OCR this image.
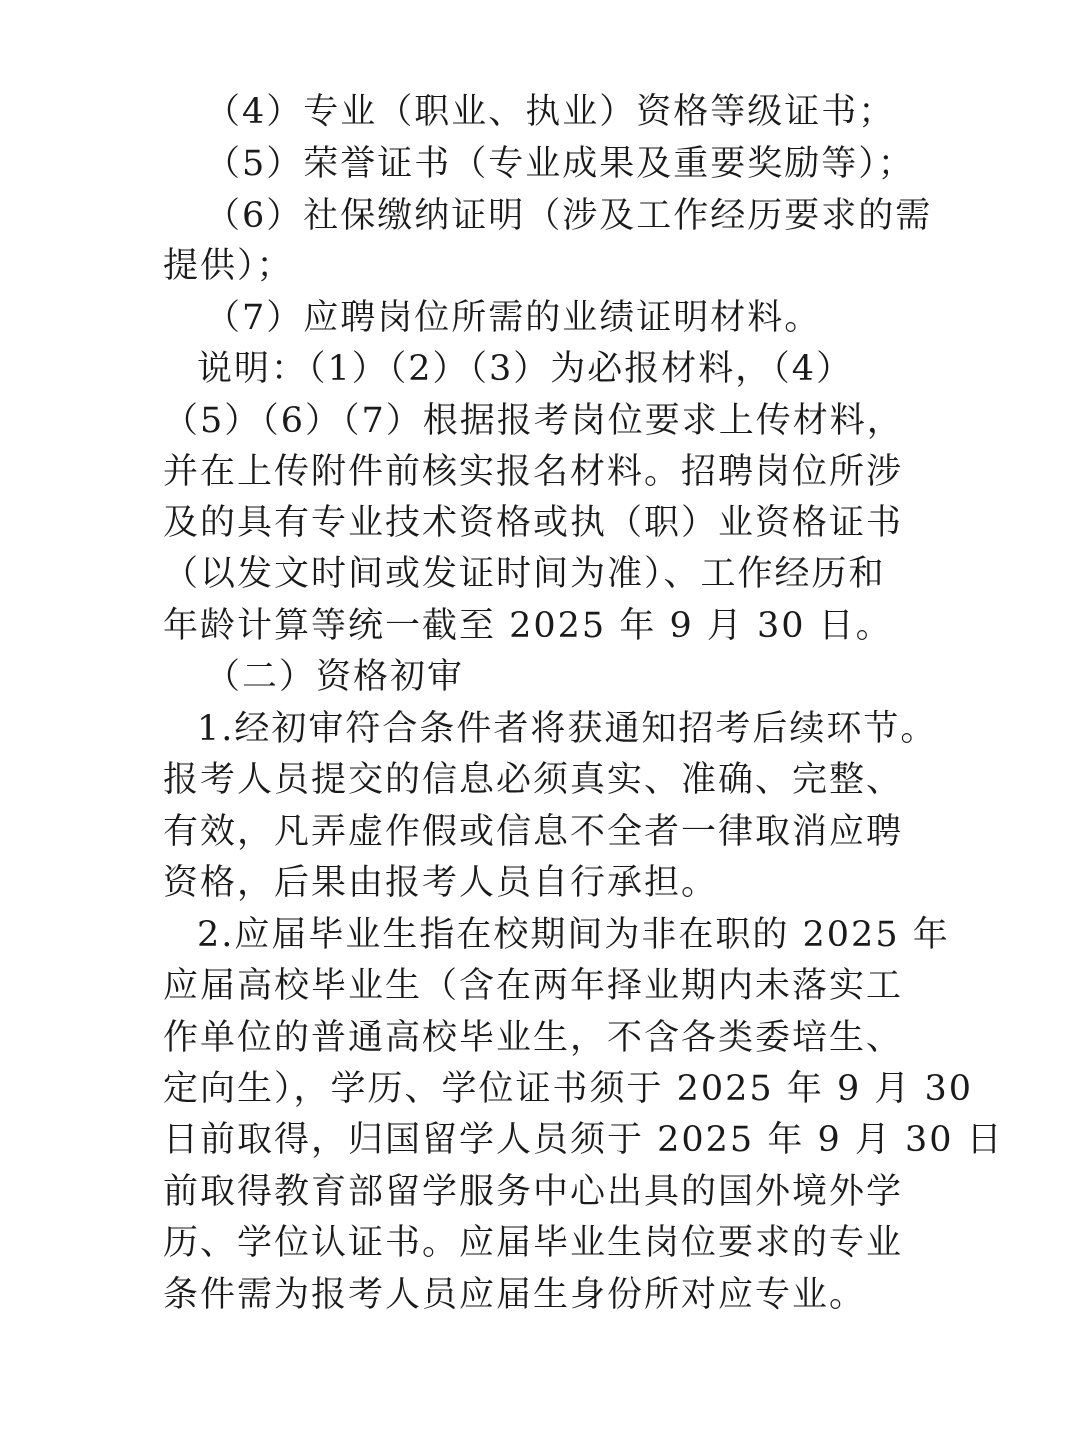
（4）专业（职业、执业）资格等级证书；
（5）荣誉证书（专业成果及重要奖励等）；
（6）社保缴纳证明（涉及工作经历要求的需
提供）；
（7）应聘岗位所需的业绩证明材料。
说明：（1）（2）（3）为必报材料，（4）
（5）（6）（7）根据报考岗位要求上传材料，
并在上传附件前核实报名材料。招聘岗位所涉
及的具有专业技术资格或执（职）业资格证书
（以发文时间或发证时间为准）、工作经历和
年龄计算等统一截至 2025 年 9 月 30 日。
（二）资格初审
1.经初审符合条件者将获通知招考后续环节。
报考人员提交的信息必须真实、准确、完整、
有效，凡弄虚作假或信息不全者一律取消应聘
资格，后果由报考人员自行承担。
2.应届毕业生指在校期间为非在职的 2025 年
应届高校毕业生（含在两年择业期内未落实工
作单位的普通高校毕业生，不含各类委培生、
定向生），学历、学位证书须于 2025 年 9 月 30
日前取得，归国留学人员须于 2025 年 9 月 30 日
前取得教育部留学服务中心出具的国外境外学
历、学位认证书。应届毕业生岗位要求的专业
条件需为报考人员应届生身份所对应专业。
